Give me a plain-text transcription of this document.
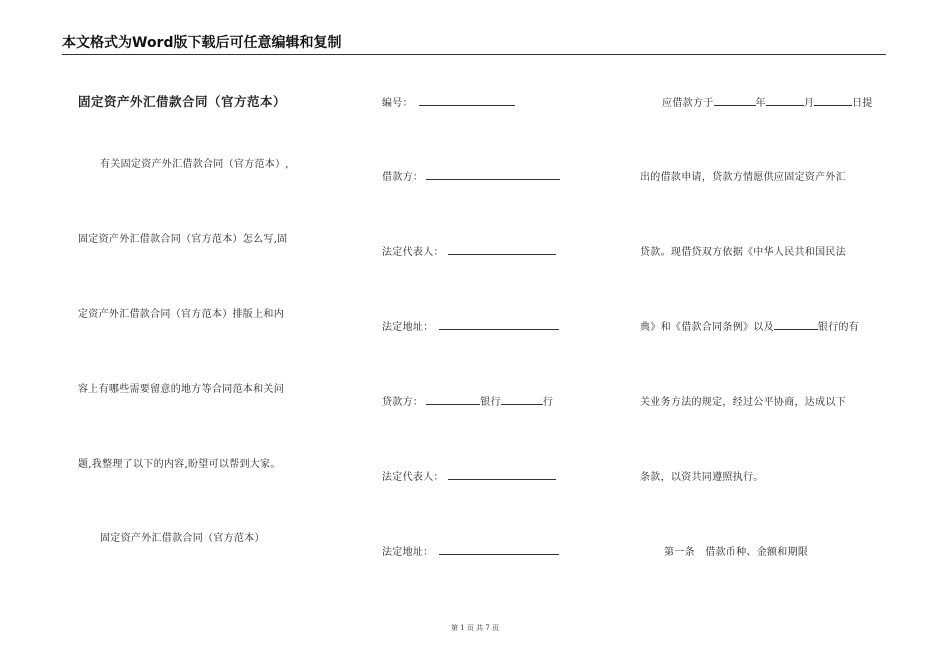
本文格式为Word版下载后可任意编辑和复制
固定资产外汇借款合同（官方范本）
有关固定资产外汇借款合同（官方范本）,
固定资产外汇借款合同（官方范本）怎么写,固
定资产外汇借款合同（官方范本）排版上和内
容上有哪些需要留意的地方等合同范本和关问
题,我整理了以下的内容,盼望可以帮到大家。
固定资产外汇借款合同（官方范本）
编号：
借款方：
法定代表人：
法定地址：
贷款方：	银行	行
法定代表人：
法定地址：
应借款方于	年	月	日提
出的借款申请，贷款方情愿供应固定资产外汇
贷款。现借贷双方依据《中华人民共和国民法
典》和《借款合同条例》以及	银行的有
关业务方法的规定，经过公平协商，达成以下
条款，以资共同遵照执行。
第一条　借款币种、金额和期限
第 1 页 共 7 页
